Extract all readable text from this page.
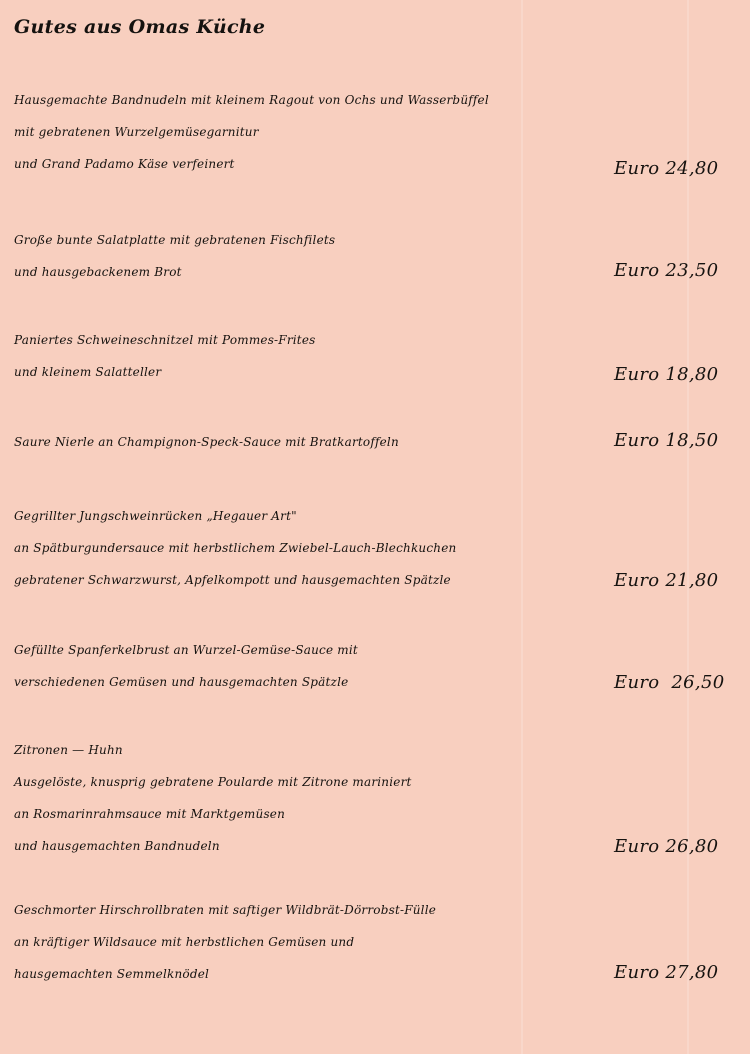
Gutes aus Omas Küche
Hausgemachte Bandnudeln mit kleinem Ragout von Ochs und Wasserbüffel
mit gebratenen Wurzelgemüsegarnitur
und Grand Padamo Käse verfeinert	Euro 24,80
Große bunte Salatplatte mit gebratenen Fischfilets
und hausgebackenem Brot	Euro 23,50
Paniertes Schweineschnitzel mit Pommes-Frites
und kleinem Salatteller	Euro 18,80
Saure Nierle an Champignon-Speck-Sauce mit Bratkartoffeln	Euro 18,50
Gegrillter Jungschweinrücken „Hegauer Art"
an Spätburgundersauce mit herbstlichem Zwiebel-Lauch-Blechkuchen
gebratener Schwarzwurst, Apfelkompott und hausgemachten Spätzle	Euro 21,80
Gefüllte Spanferkelbrust an Wurzel-Gemüse-Sauce mit
verschiedenen Gemüsen und hausgemachten Spätzle	Euro  26,50
Zitronen — Huhn
Ausgelöste, knusprig gebratene Poularde mit Zitrone mariniert
an Rosmarinrahmsauce mit Marktgemüsen
und hausgemachten Bandnudeln	Euro 26,80
Geschmorter Hirschrollbraten mit saftiger Wildbrät-Dörrobst-Fülle
an kräftiger Wildsauce mit herbstlichen Gemüsen und
hausgemachten Semmelknödel	Euro 27,80
